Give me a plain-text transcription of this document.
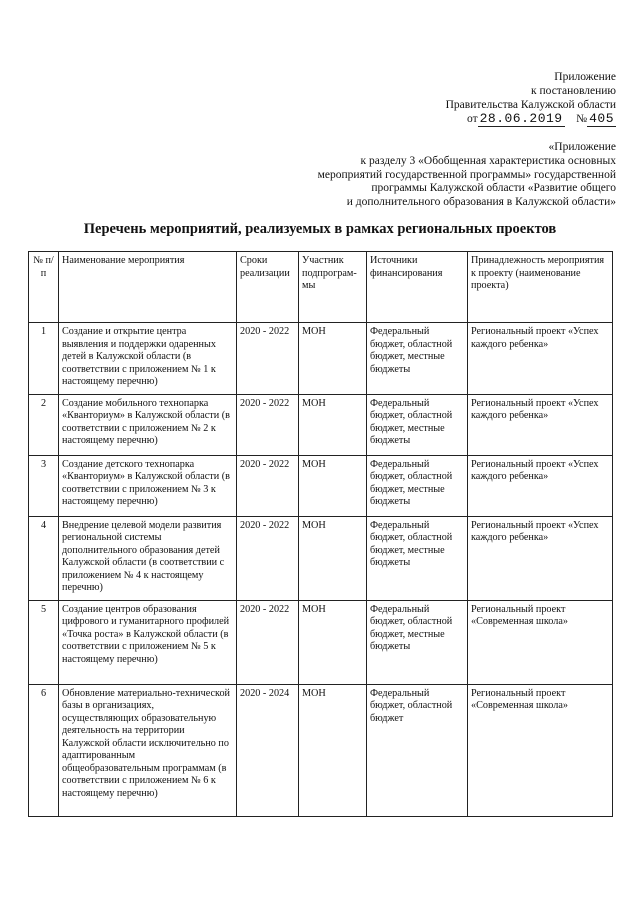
Приложение
к постановлению
Правительства Калужской области
от 28.06.2019 № 405
«Приложение
к разделу 3 «Обобщенная характеристика основных
мероприятий государственной программы» государственной
программы Калужской области «Развитие общего
и дополнительного образования в Калужской области»
Перечень мероприятий, реализуемых в рамках региональных проектов
№ п/п	Наименование мероприятия	Сроки реализации	Участник подпрограм-мы	Источники финансирования	Принадлежность мероприятия к проекту (наименование проекта)
1	Создание и открытие центра выявления и поддержки одаренных детей в Калужской области (в соответствии с приложением № 1 к настоящему перечню)	2020 - 2022	МОН	Федеральный бюджет, областной бюджет, местные бюджеты	Региональный проект «Успех каждого ребенка»
2	Создание мобильного технопарка «Кванториум» в Калужской области (в соответствии с приложением № 2 к настоящему перечню)	2020 - 2022	МОН	Федеральный бюджет, областной бюджет, местные бюджеты	Региональный проект «Успех каждого ребенка»
3	Создание детского технопарка «Кванториум» в Калужской области (в соответствии с приложением № 3 к настоящему перечню)	2020 - 2022	МОН	Федеральный бюджет, областной бюджет, местные бюджеты	Региональный проект «Успех каждого ребенка»
4	Внедрение целевой модели развития региональной системы дополнительного образования детей Калужской области (в соответствии с приложением № 4 к настоящему перечню)	2020 - 2022	МОН	Федеральный бюджет, областной бюджет, местные бюджеты	Региональный проект «Успех каждого ребенка»
5	Создание центров образования цифрового и гуманитарного профилей «Точка роста» в Калужской области (в соответствии с приложением № 5 к настоящему перечню)	2020 - 2022	МОН	Федеральный бюджет, областной бюджет, местные бюджеты	Региональный проект «Современная школа»
6	Обновление материально-технической базы в организациях, осуществляющих образовательную деятельность на территории Калужской области исключительно по адаптированным общеобразовательным программам (в соответствии с приложением № 6 к настоящему перечню)	2020 - 2024	МОН	Федеральный бюджет, областной бюджет	Региональный проект «Современная школа»
